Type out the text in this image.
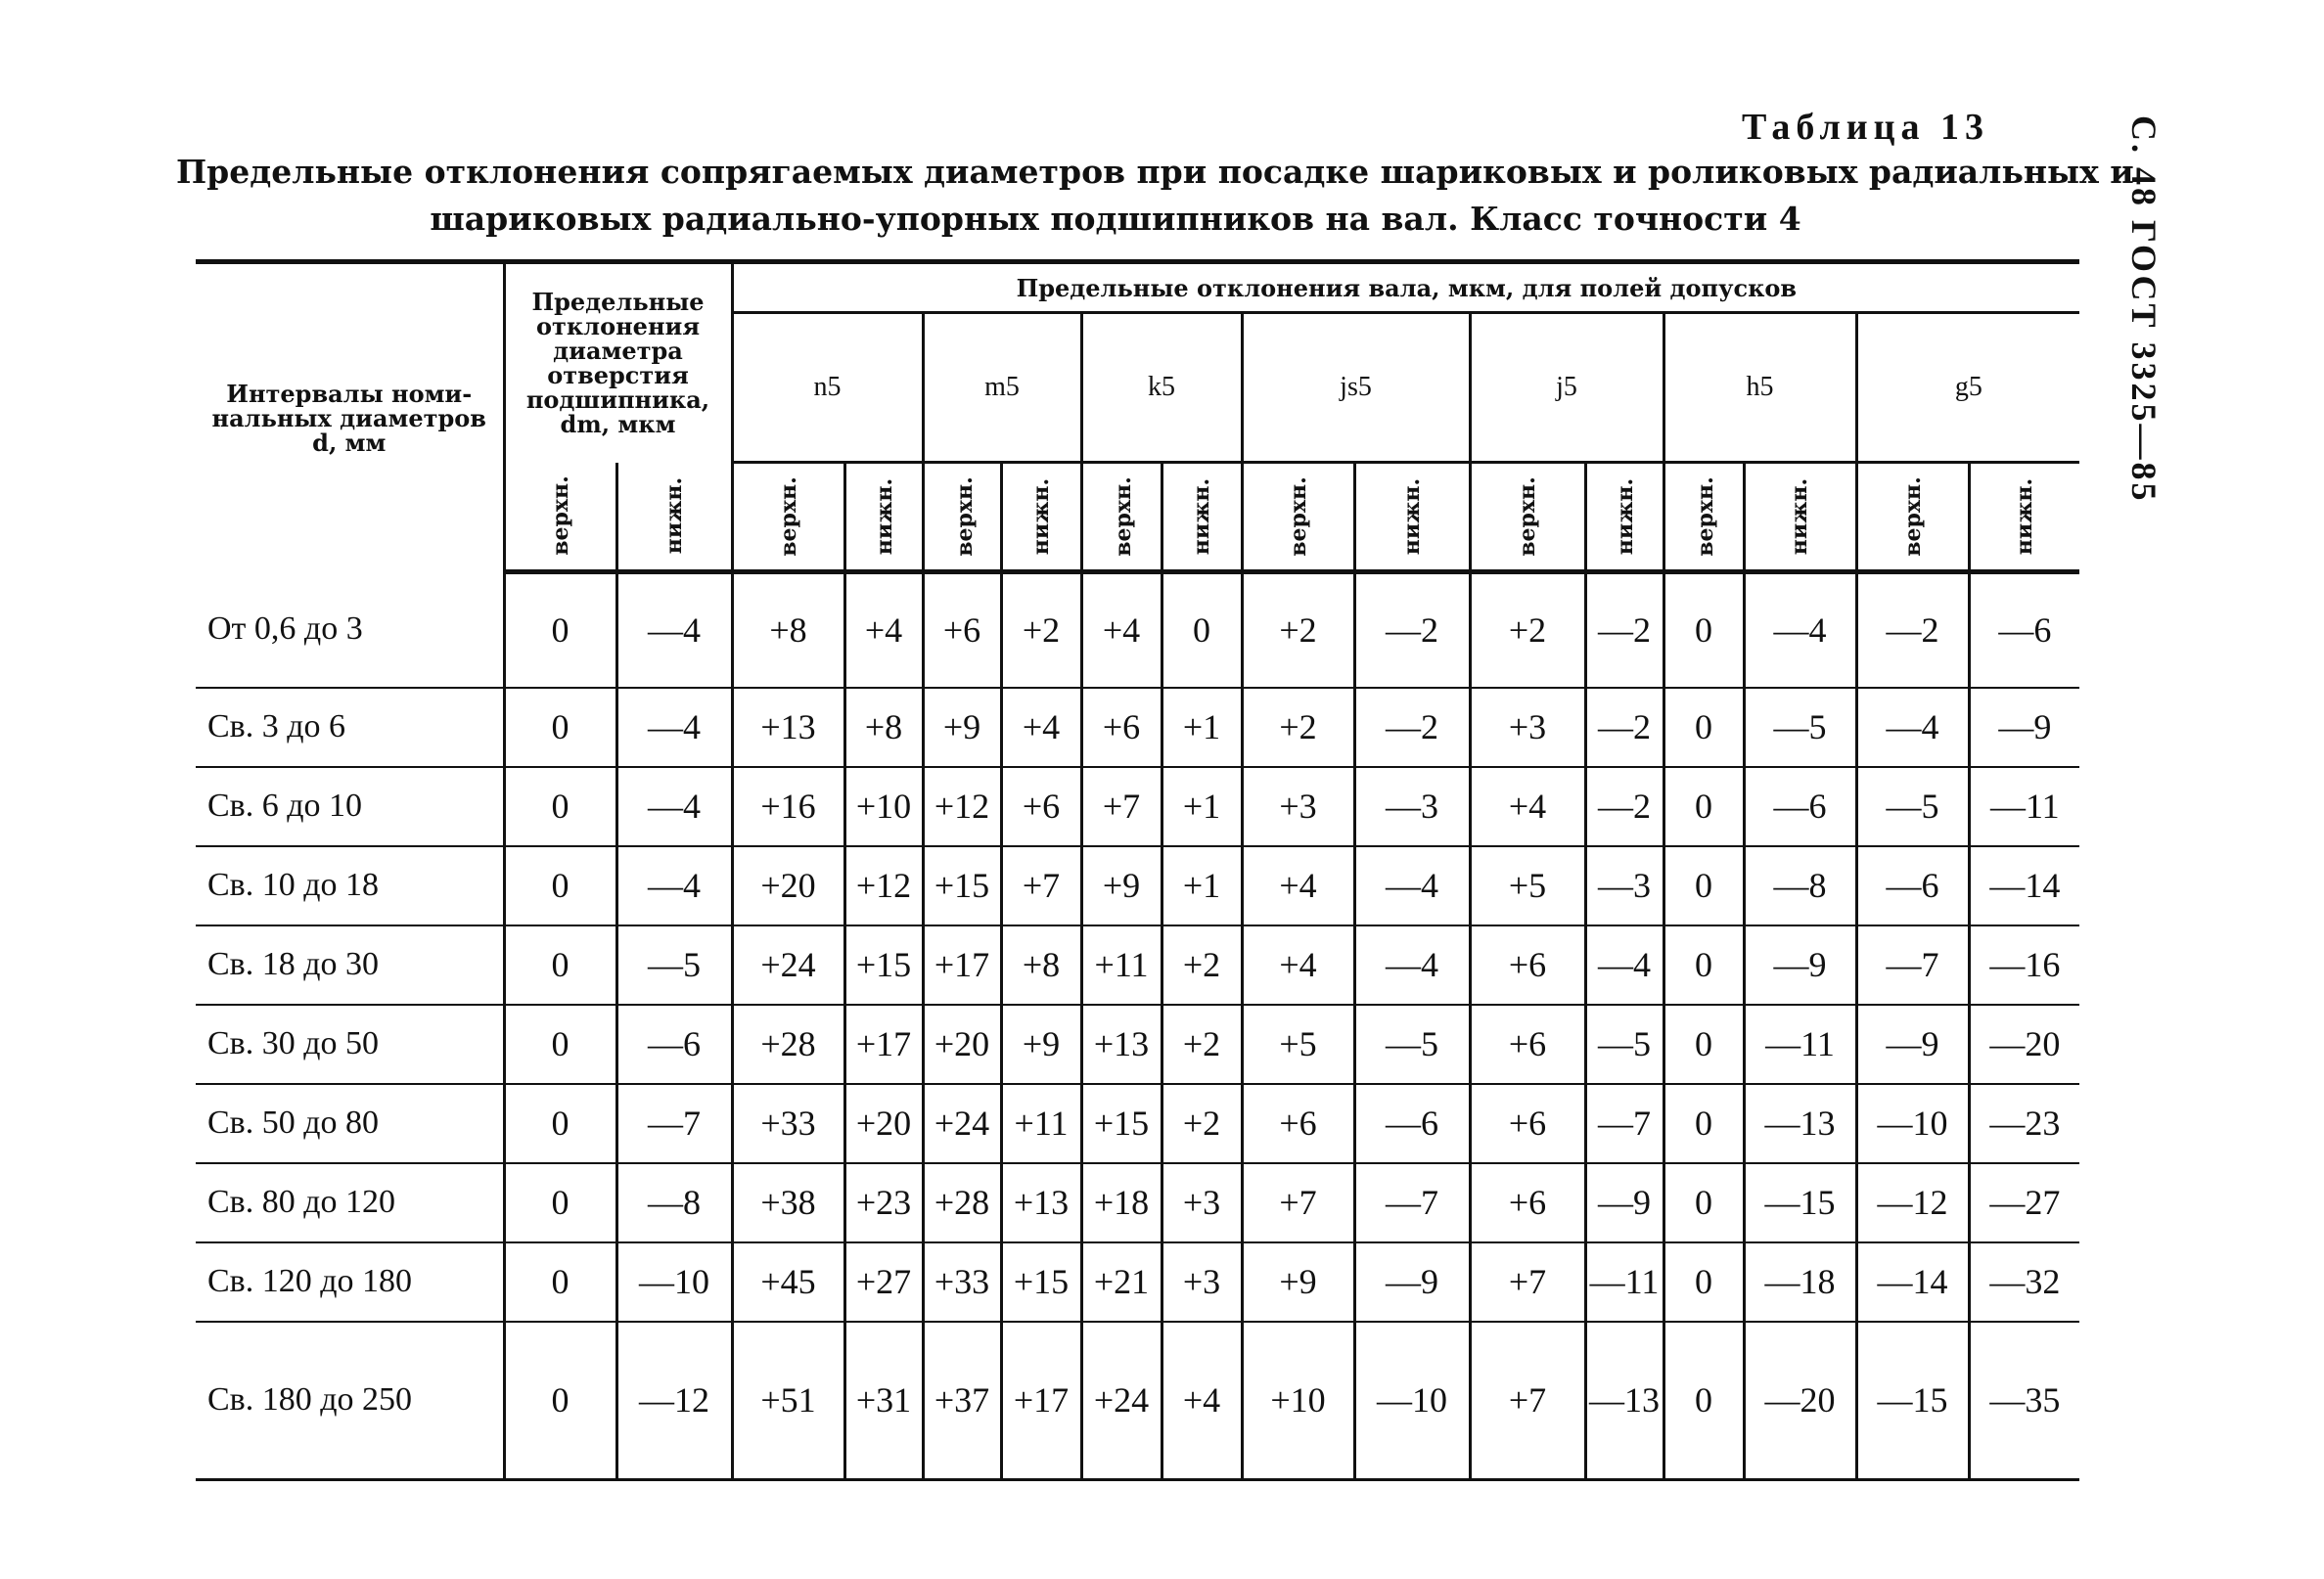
Таблица 13
Предельные отклонения сопрягаемых диаметров при посадке шариковых и роликовых радиальных и
шариковых радиально-упорных подшипников на вал. Класс точности 4	С. 48 ГОСТ 3325—85
Интервалы номи-нальных диаметров d, мм	Предельные отклонения диаметра отверстия подшипника, dm, мкм		Предельные отклонения вала, мкм, для полей допусков													
			n5		m5		k5		js5		j5		h5		g5	
	верхн.	нижн.	верхн.	нижн.	верхн.	нижн.	верхн.	нижн.	верхн.	нижн.	верхн.	нижн.	верхн.	нижн.	верхн.	нижн.
От 0,6 до 3	0	—4	+8	+4	+6	+2	+4	0	+2	—2	+2	—2	0	—4	—2	—6
Св. 3 до 6	0	—4	+13	+8	+9	+4	+6	+1	+2	—2	+3	—2	0	—5	—4	—9
Св. 6 до 10	0	—4	+16	+10	+12	+6	+7	+1	+3	—3	+4	—2	0	—6	—5	—11
Св. 10 до 18	0	—4	+20	+12	+15	+7	+9	+1	+4	—4	+5	—3	0	—8	—6	—14
Св. 18 до 30	0	—5	+24	+15	+17	+8	+11	+2	+4	—4	+6	—4	0	—9	—7	—16
Св. 30 до 50	0	—6	+28	+17	+20	+9	+13	+2	+5	—5	+6	—5	0	—11	—9	—20
Св. 50 до 80	0	—7	+33	+20	+24	+11	+15	+2	+6	—6	+6	—7	0	—13	—10	—23
Св. 80 до 120	0	—8	+38	+23	+28	+13	+18	+3	+7	—7	+6	—9	0	—15	—12	—27
Св. 120 до 180	0	—10	+45	+27	+33	+15	+21	+3	+9	—9	+7	—11	0	—18	—14	—32
Св. 180 до 250	0	—12	+51	+31	+37	+17	+24	+4	+10	—10	+7	—13	0	—20	—15	—35
